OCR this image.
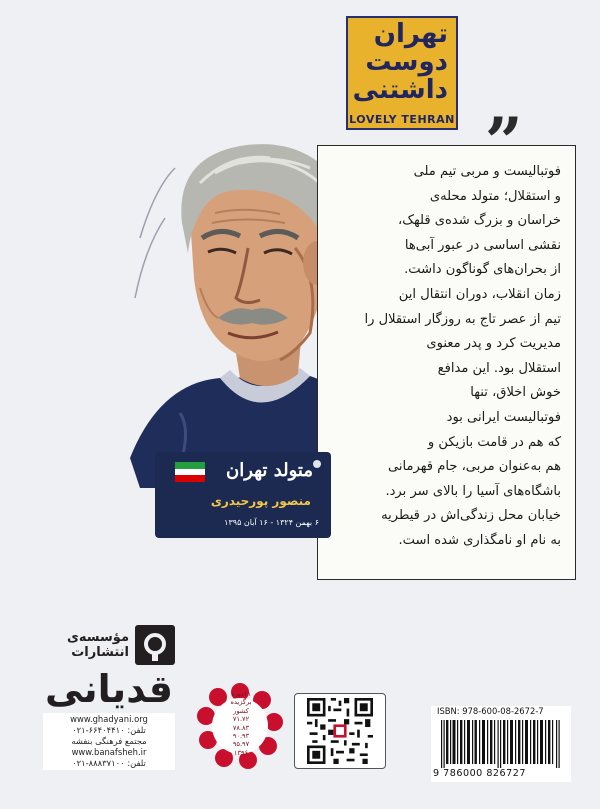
تهران
دوست
داشتنی
LOVELY TEHRAN „
فوتبالیست و مربی تیم ملی
و استقلال؛ متولد محله‌ی
خراسان و بزرگ شده‌ی قلهک،
نقشی اساسی در عبور آبی‌ها
از بحران‌های گوناگون داشت.
زمان انقلاب، دوران انتقال این
تیم از عصر تاج به روزگار استقلال را
مدیریت کرد و پدر معنوی
استقلال بود. این مدافع
خوش اخلاق، تنها
فوتبالیست ایرانی بود
که هم در قامت بازیکن و
هم به‌عنوان مربی، جام قهرمانی
باشگاه‌های آسیا را بالای سر برد.
خیابان محل زندگی‌اش در قیطریه
به نام او نامگذاری شده است.
متولد تهران
منصور پورحیدری
۶ بهمن ۱۳۲۴ - ۱۶ آبان ۱۳۹۵
مؤسسه‌ی
انتشارات
قدیانی
www.ghadyani.org
تلفن: ۶۶۴۰۴۴۱۰-۰۲۱
مجتمع فرهنگی بنفشه
www.banafsheh.ir
تلفن: ۸۸۸۳۷۱۰۰-۰۲۱
۱۱دوره
برگزیده
کشور
۷۱.۷۲
۷۸.۸۳
۹۰.۹۳
۹۵.۹۷
۱۳۹۶
ISBN: 978-600-08-2672-7
9 786000 826727
